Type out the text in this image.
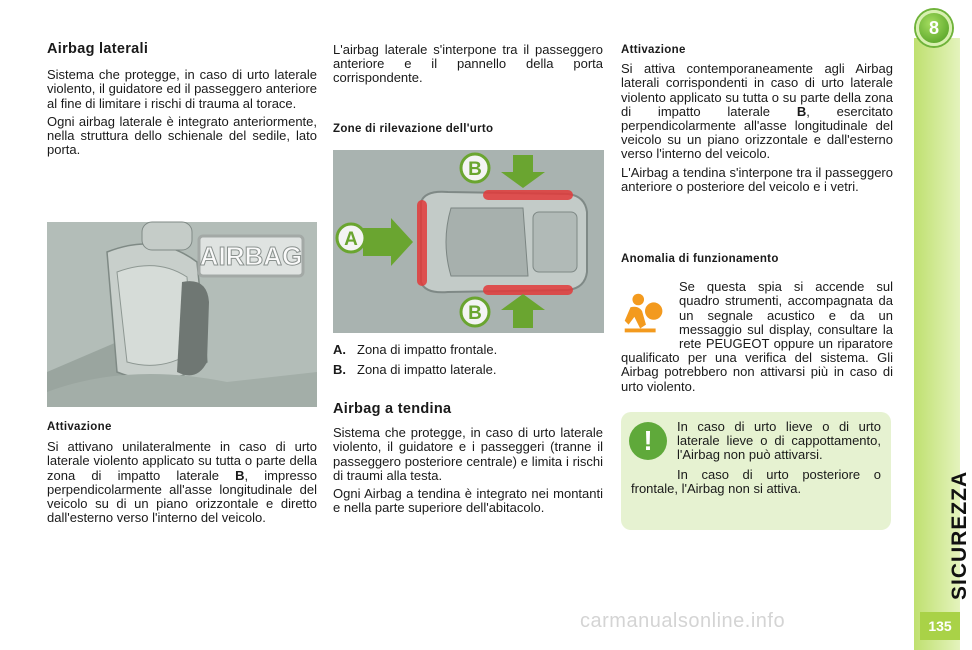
8
SICUREZZA
135
Airbag laterali

Sistema che protegge, in caso di urto laterale violento, il guidatore ed il passeggero anteriore al fine di limitare i rischi di trauma al torace.

Ogni airbag laterale è integrato anteriormente, nella struttura dello schienale del sedile, lato porta.

AIRBAG
Attivazione

Si attivano unilateralmente in caso di urto laterale violento applicato su tutta o parte della zona di impatto laterale B, impresso perpendicolarmente all'asse longitudinale del veicolo su di un piano orizzontale e diretto dall'esterno verso l'interno del veicolo.

L'airbag laterale s'interpone tra il passeggero anteriore e il pannello della porta corrispondente.

Zone di rilevazione dell'urto
A
B
B
A. Zona di impatto frontale.
B. Zona di impatto laterale.
Airbag a tendina

Sistema che protegge, in caso di urto laterale violento, il guidatore e i passeggeri (tranne il passeggero posteriore centrale) e limita i rischi di traumi alla testa.

Ogni Airbag a tendina è integrato nei montanti e nella parte superiore dell'abitacolo.

Attivazione

Si attiva contemporaneamente agli Airbag laterali corrispondenti in caso di urto laterale violento applicato su tutta o su parte della zona di impatto laterale B, esercitato perpendicolarmente all'asse longitudinale del veicolo su un piano orizzontale e dall'esterno verso l'interno del veicolo.

L'Airbag a tendina s'interpone tra il passeggero anteriore o posteriore del veicolo e i vetri.

Anomalia di funzionamento

Se questa spia si accende sul quadro strumenti, accompagnata da un segnale acustico e da un messaggio sul display, consultare la rete PEUGEOT oppure un riparatore qualificato per una verifica del sistema. Gli Airbag potrebbero non attivarsi più in caso di urto violento.

!	In caso di urto lieve o di urto laterale lieve o di cappottamento, l'Airbag non può attivarsi.

In caso di urto posteriore o frontale, l'Airbag non si attiva.

carmanualsonline.info
